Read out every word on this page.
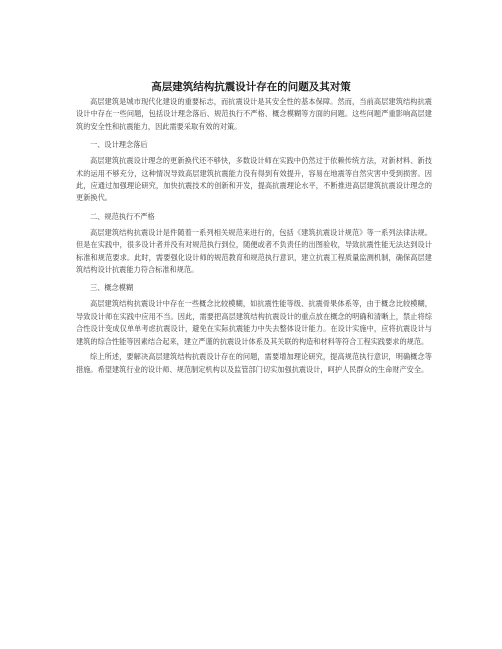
高层建筑结构抗震设计存在的问题及其对策

高层建筑是城市现代化建设的重要标志，而抗震设计是其安全性的基本保障。然而，当前高层建筑结构抗震设计中存在一些问题，包括设计理念落后、规范执行不严格、概念模糊等方面的问题。这些问题严重影响高层建筑的安全性和抗震能力，因此需要采取有效的对策。

一、设计理念落后

高层建筑抗震设计理念的更新换代还不够快，多数设计师在实践中仍然过于依赖传统方法，对新材料、新技术的运用不够充分，这种情况导致高层建筑抗震能力没有得到有效提升，容易在地震等自然灾害中受到损害。因此，应通过加强理论研究，加快抗震技术的创新和开发，提高抗震理论水平，不断推进高层建筑抗震设计理念的更新换代。

二、规范执行不严格

高层建筑结构抗震设计是件随着一系列相关规范来进行的，包括《建筑抗震设计规范》等一系列法律法规。但是在实践中，很多设计者并没有对规范执行到位，随便或者不负责任的出图验收，导致抗震性能无法达到设计标准和规范要求。此时，需要强化设计师的规范教育和规范执行意识，建立抗震工程质量监测机制，确保高层建筑结构设计抗震能力符合标准和规范。

三、概念模糊

高层建筑结构抗震设计中存在一些概念比较模糊，如抗震性能等级、抗震骨果体系等，由于概念比较模糊，导致设计师在实践中应用不当。因此，需要把高层建筑结构抗震设计的重点放在概念的明确和清晰上，禁止将综合性设计变成仅单单考虑抗震设计，避免在实际抗震能力中失去整体设计能力。在设计实施中，应将抗震设计与建筑的综合性能等因素结合起来，建立严谨的抗震设计体系及其关联的构造和材料等符合工程实践要求的规范。

综上所述，要解决高层建筑结构抗震设计存在的问题，需要增加理论研究，提高规范执行意识，明确概念等措施。希望建筑行业的设计师、规范制定机构以及监管部门切实加强抗震设计，呵护人民群众的生命财产安全。
